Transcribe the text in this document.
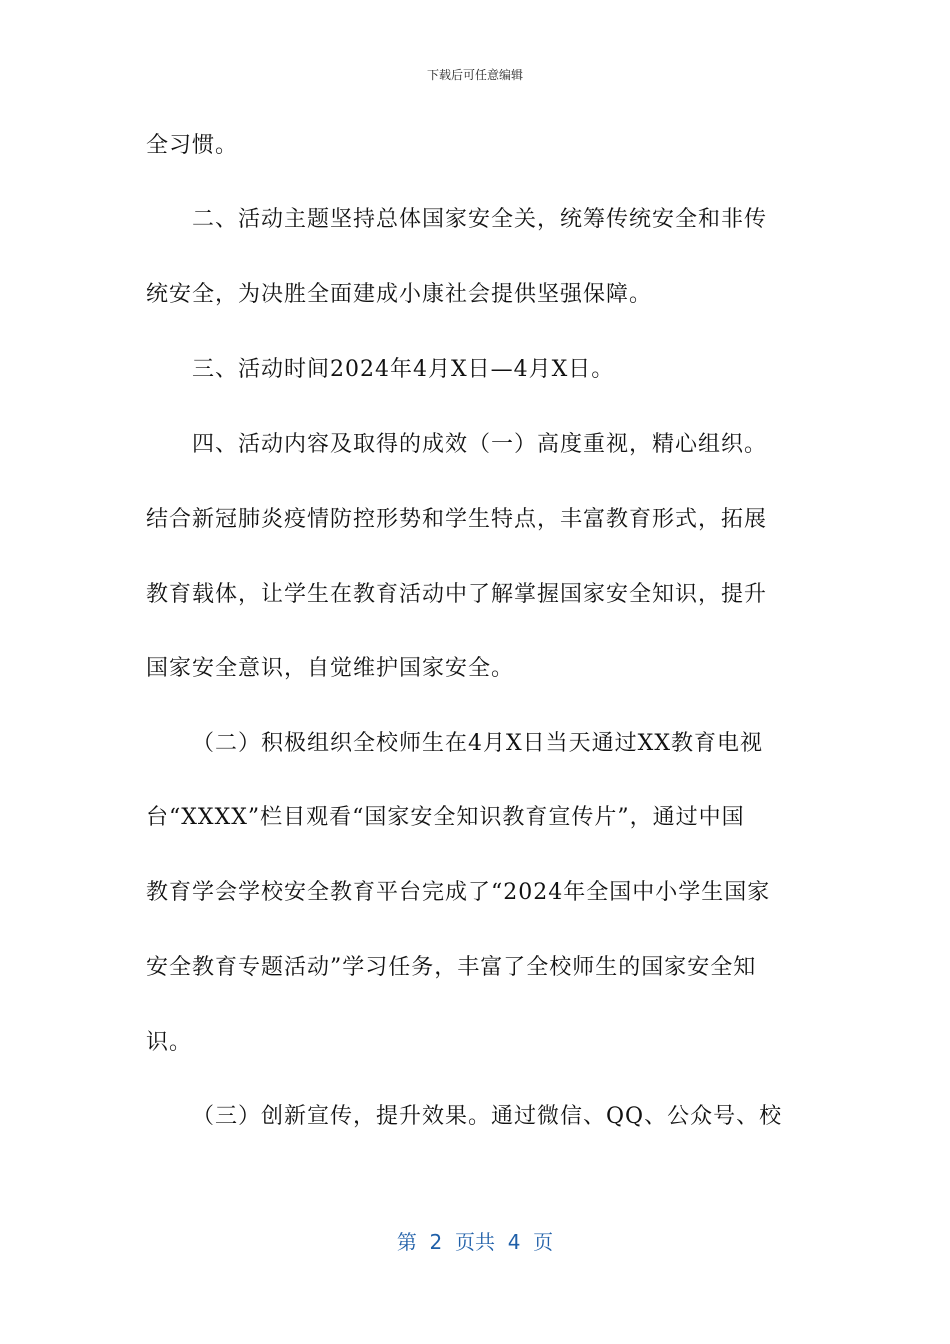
下载后可任意编辑
全习惯。
二、活动主题坚持总体国家安全关，统筹传统安全和非传
统安全，为决胜全面建成小康社会提供坚强保障。
三、活动时间2024年4月X日—4月X日。
四、活动内容及取得的成效（一）高度重视，精心组织。
结合新冠肺炎疫情防控形势和学生特点，丰富教育形式，拓展
教育载体，让学生在教育活动中了解掌握国家安全知识，提升
国家安全意识，自觉维护国家安全。
（二）积极组织全校师生在4月X日当天通过XX教育电视
台“XXXX”栏目观看“国家安全知识教育宣传片”，通过中国
教育学会学校安全教育平台完成了“2024年全国中小学生国家
安全教育专题活动”学习任务，丰富了全校师生的国家安全知
识。
（三）创新宣传，提升效果。通过微信、QQ、公众号、校
第  2  页共  4  页
